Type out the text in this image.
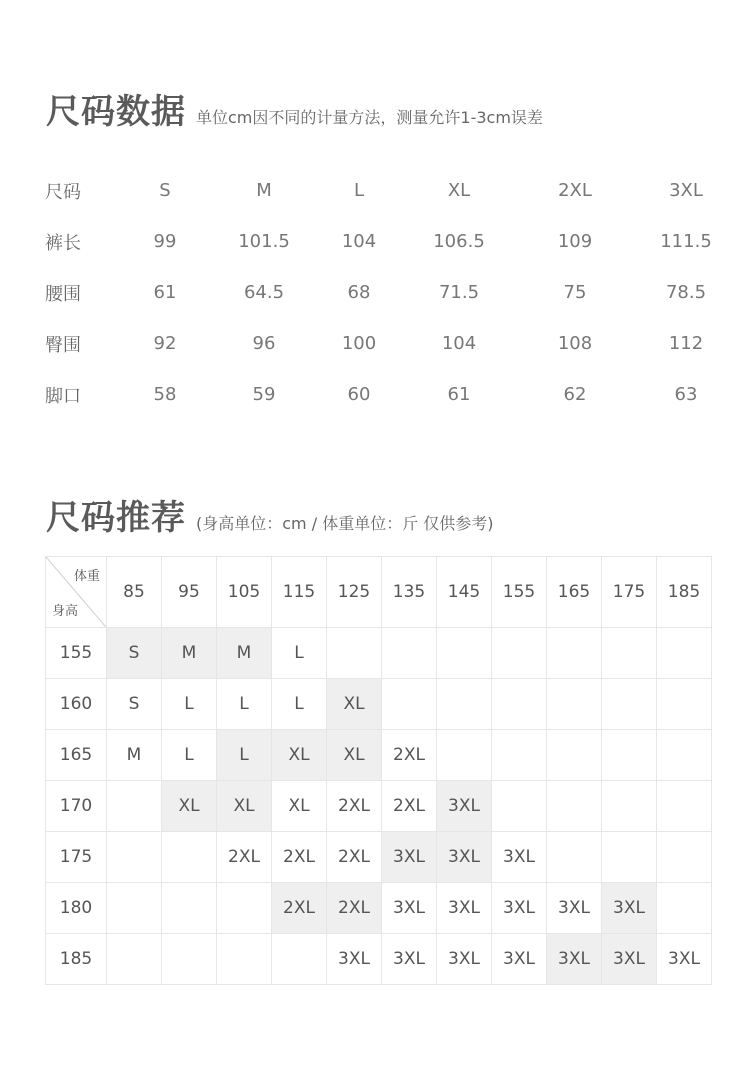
尺码数据 单位cm因不同的计量方法，测量允许1-3cm误差
尺码	S	M	L	XL	2XL	3XL
裤长	99	101.5	104	106.5	109	111.5
腰围	61	64.5	68	71.5	75	78.5
臀围	92	96	100	104	108	112
脚口	58	59	60	61	62	63
尺码推荐 (身高单位：cm / 体重单位：斤 仅供参考)
体重
身高	85	95	105	115	125	135	145	155	165	175	185
155	S	M	M	L							
160	S	L	L	L	XL						
165	M	L	L	XL	XL	2XL					
170		XL	XL	XL	2XL	2XL	3XL				
175			2XL	2XL	2XL	3XL	3XL	3XL			
180				2XL	2XL	3XL	3XL	3XL	3XL	3XL	
185					3XL	3XL	3XL	3XL	3XL	3XL	3XL
